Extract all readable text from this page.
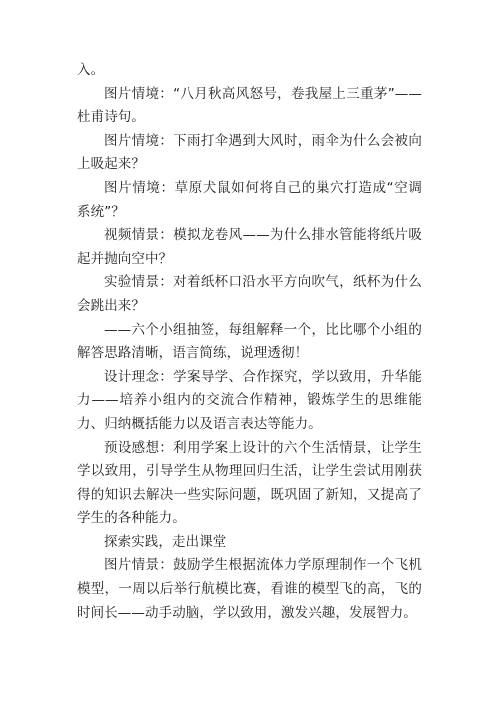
入。

图片情境：“八月秋高风怒号，卷我屋上三重茅”——杜甫诗句。

图片情境：下雨打伞遇到大风时，雨伞为什么会被向上吸起来？

图片情境：草原犬鼠如何将自己的巢穴打造成“空调系统”？

视频情景：模拟龙卷风——为什么排水管能将纸片吸起并抛向空中？

实验情景：对着纸杯口沿水平方向吹气，纸杯为什么会跳出来？

——六个小组抽签，每组解释一个，比比哪个小组的解答思路清晰，语言简练，说理透彻！

设计理念：学案导学、合作探究，学以致用，升华能力——培养小组内的交流合作精神，锻炼学生的思维能力、归纳概括能力以及语言表达等能力。

预设感想：利用学案上设计的六个生活情景，让学生学以致用，引导学生从物理回归生活，让学生尝试用刚获得的知识去解决一些实际问题，既巩固了新知，又提高了学生的各种能力。

探索实践，走出课堂

图片情景：鼓励学生根据流体力学原理制作一个飞机模型，一周以后举行航模比赛，看谁的模型飞的高，飞的时间长——动手动脑，学以致用，激发兴趣，发展智力。
